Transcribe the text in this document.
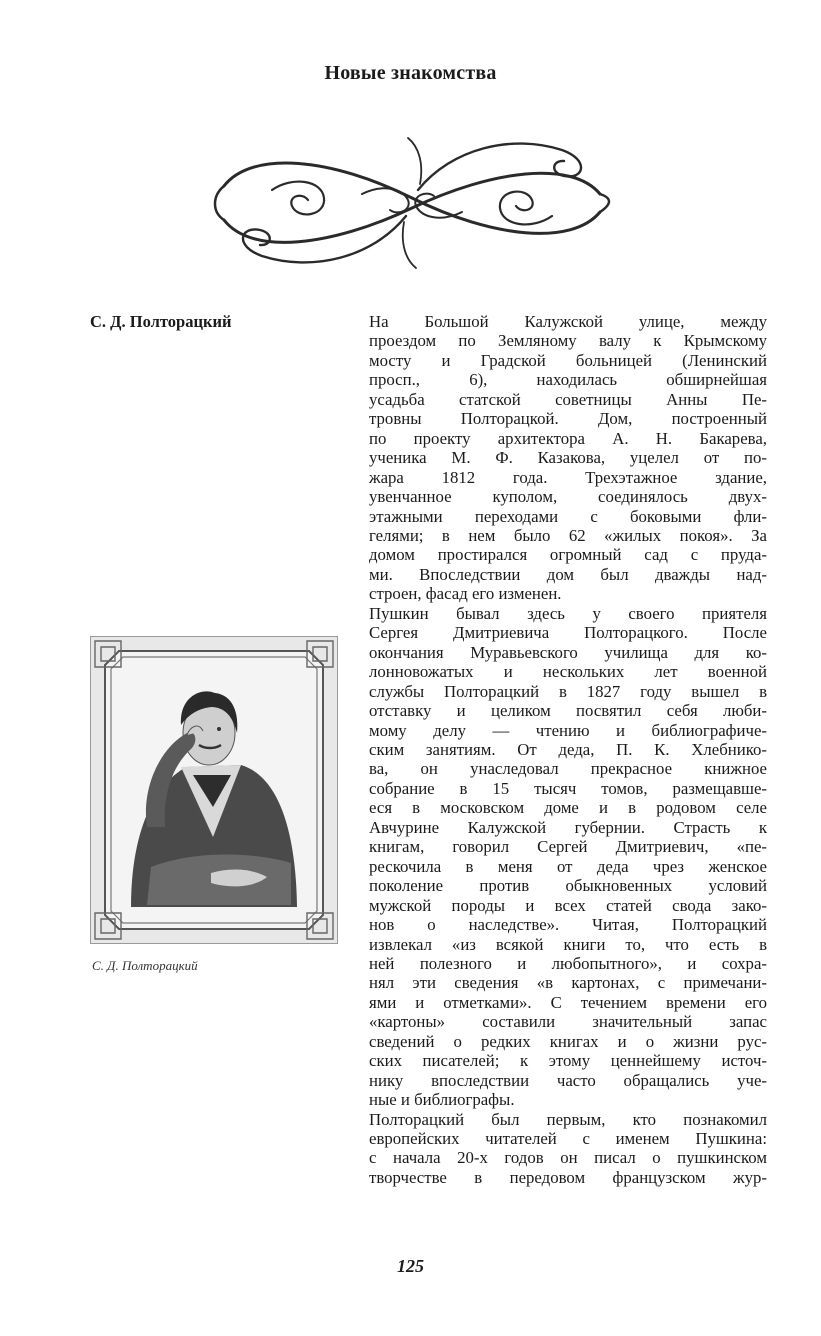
Новые знакомства
С. Д. Полторацкий
С. Д. Полторацкий
На Большой Калужской улице, между
проездом по Земляному валу к Крымскому
мосту и Градской больницей (Ленинский
просп., 6), находилась обширнейшая
усадьба статской советницы Анны Пе-
тровны Полторацкой. Дом, построенный
по проекту архитектора А. Н. Бакарева,
ученика М. Ф. Казакова, уцелел от по-
жара 1812 года. Трехэтажное здание,
увенчанное куполом, соединялось двух-
этажными переходами с боковыми фли-
гелями; в нем было 62 «жилых покоя». За
домом простирался огромный сад с пруда-
ми. Впоследствии дом был дважды над-
строен, фасад его изменен.
Пушкин бывал здесь у своего приятеля
Сергея Дмитриевича Полторацкого. После
окончания Муравьевского училища для ко-
лонновожатых и нескольких лет военной
службы Полторацкий в 1827 году вышел в
отставку и целиком посвятил себя люби-
мому делу — чтению и библиографиче-
ским занятиям. От деда, П. К. Хлебнико-
ва, он унаследовал прекрасное книжное
собрание в 15 тысяч томов, размещавше-
еся в московском доме и в родовом селе
Авчурине Калужской губернии. Страсть к
книгам, говорил Сергей Дмитриевич, «пе-
рескочила в меня от деда чрез женское
поколение против обыкновенных условий
мужской породы и всех статей свода зако-
нов о наследстве». Читая, Полторацкий
извлекал «из всякой книги то, что есть в
ней полезного и любопытного», и сохра-
нял эти сведения «в картонах, с примечани-
ями и отметками». С течением времени его
«картоны» составили значительный запас
сведений о редких книгах и о жизни рус-
ских писателей; к этому ценнейшему источ-
нику впоследствии часто обращались уче-
ные и библиографы.
Полторацкий был первым, кто познакомил
европейских читателей с именем Пушкина:
с начала 20-х годов он писал о пушкинском
творчестве в передовом французском жур-
125
